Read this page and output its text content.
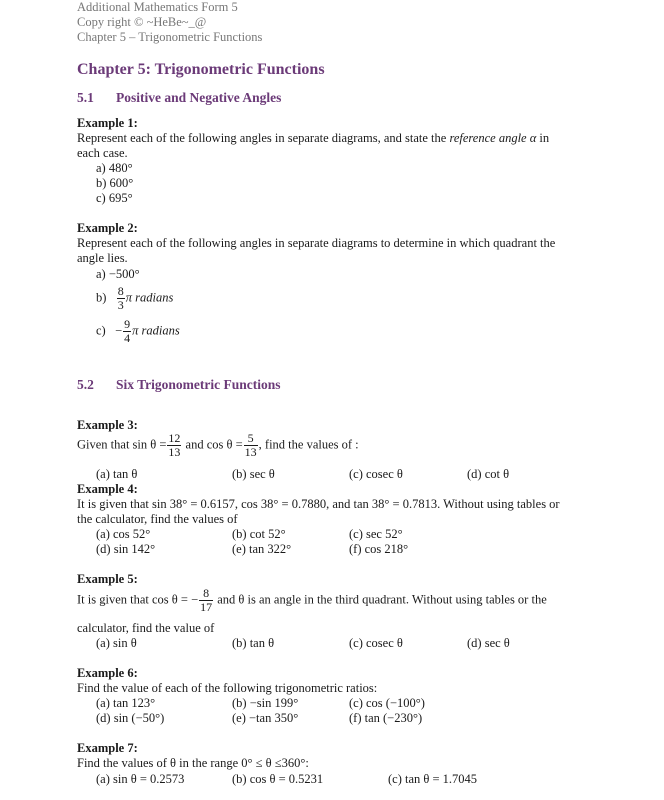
Additional Mathematics Form 5
Copy right © ~HeBe~_@
Chapter 5 – Trigonometric Functions
Chapter 5: Trigonometric Functions
5.1 Positive and Negative Angles
Example 1:
Represent each of the following angles in separate diagrams, and state the reference angle α in
each case.
a) 480°
b) 600°
c) 695°
Example 2:
Represent each of the following angles in separate diagrams to determine in which quadrant the
angle lies.
a) −500°
$b) \frac{8}{3}$ π radians
$c) - \frac{9}{4}$ π radians
5.2 Six Trigonometric Functions
Example 3:
Given that $\sin \theta = \frac{12}{13}$ and $\cos \theta = \frac{5}{13}$ , find the values of :
(a) tan θ	(b) sec θ	(c) cosec θ	(d) cot θ
Example 4:
It is given that sin 38° = 0.6157, cos 38° = 0.7880, and tan 38° = 0.7813. Without using tables or
the calculator, find the values of
(a) cos 52°	(b) cot 52°	(c) sec 52°
(d) sin 142°	(e) tan 322°	(f) cos 218°
Example 5:
It is given that cos θ = − $\frac{8}{17}$ and θ is an angle in the third quadrant. Without using tables or the
calculator, find the value of
(a) sin θ	(b) tan θ	(c) cosec θ	(d) sec θ
Example 6:
Find the value of each of the following trigonometric ratios:
(a) tan 123°	(b) −sin 199°	(c) cos (−100°)
(d) sin (−50°)	(e) −tan 350°	(f) tan (−230°)
Example 7:
Find the values of θ in the range 0° ≤ θ ≤360°:
(a) sin θ = 0.2573	(b) cos θ = 0.5231	(c) tan θ = 1.7045
